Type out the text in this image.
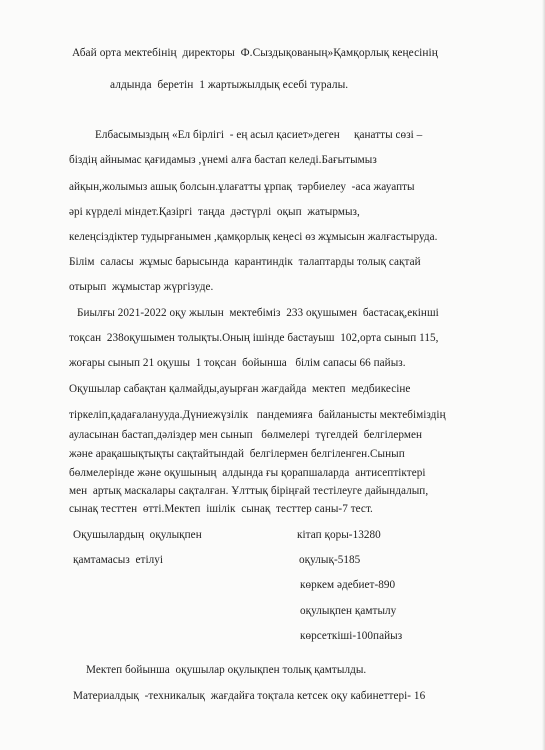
Абай орта мектебінің  директоры  Ф.Сыздықованың»Қамқорлық кеңесінің

алдында  беретін  1 жартыжылдық есебі туралы.

Елбасымыздың «Ел бірлігі  - ең асыл қасиет»деген     қанатты сөзі –

біздің айнымас қағидамыз ,үнемі алға бастап келеді.Бағытымыз

айқын,жолымыз ашық болсын.ұлағатты ұрпақ  тәрбиелеу  -аса жауапты

әрі күрделі міндет.Қазіргі  таңда  дәстүрлі  оқып  жатырмыз,

келеңсіздіктер тудырғанымен ,қамқорлық кеңесі өз жұмысын жалғастыруда.

Білім  саласы  жұмыс барысында  карантиндік  талаптарды толық сақтай

отырып  жұмыстар жүргізуде.

Биылғы 2021-2022 оқу жылын  мектебіміз  233 оқушымен  бастасақ,екінші

тоқсан  238оқушымен толықты.Оның ішінде бастауыш  102,орта сынып 115,

жоғары сынып 21 оқушы  1 тоқсан  бойынша   білім сапасы 66 пайыз.

Оқушылар сабақтан қалмайды,ауырған жағдайда  мектеп  медбикесіне

тіркеліп,қадағаланууда.Дүниежүзілік   пандемияға  байланысты мектебіміздің

ауласынан бастап,дәліздер мен сынып   бөлмелері  түгелдей  белгілермен

және арақашықтықты сақтайтындай  белгілермен белгіленген.Сынып

бөлмелерінде және оқушының  алдында ғы қорапшаларда  антисептіктері

мен  артық маскалары сақталған. Ұлттық біріңғай тестілеуге дайындалып,

сынақ тесттен  өтті.Мектеп  ішілік  сынақ  тесттер саны-7 тест.

Оқушылардың  оқулықпен

қамтамасыз  етілуі

кітап қоры-13280

оқулық-5185

көркем әдебиет-890

оқулықпен қамтылу

көрсеткіші-100пайыз

Мектеп бойынша  оқушылар оқулықпен толық қамтылды.

Материалдық  -техникалық  жағдайға тоқтала кетсек оқу кабинеттері- 16
